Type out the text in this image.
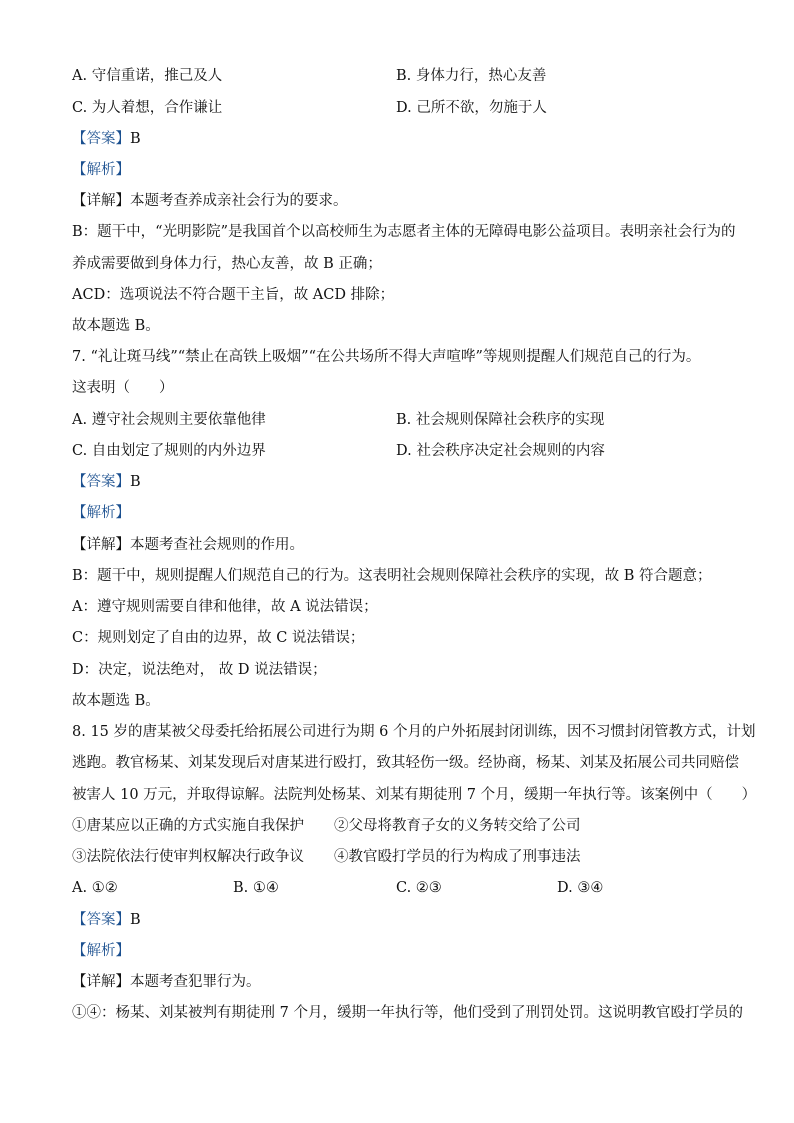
A. 守信重诺，推己及人	B. 身体力行，热心友善
C. 为人着想，合作谦让	D. 己所不欲，勿施于人
【答案】B
【解析】
【详解】本题考查养成亲社会行为的要求。
B：题干中，“光明影院”是我国首个以高校师生为志愿者主体的无障碍电影公益项目。表明亲社会行为的
养成需要做到身体力行，热心友善，故 B 正确；
ACD：选项说法不符合题干主旨，故 ACD 排除；
故本题选 B。
7. “礼让斑马线”“禁止在高铁上吸烟”“在公共场所不得大声喧哗”等规则提醒人们规范自己的行为。
这表明（　　）
A. 遵守社会规则主要依靠他律	B. 社会规则保障社会秩序的实现
C. 自由划定了规则的内外边界	D. 社会秩序决定社会规则的内容
【答案】B
【解析】
【详解】本题考查社会规则的作用。
B：题干中，规则提醒人们规范自己的行为。这表明社会规则保障社会秩序的实现，故 B 符合题意；
A：遵守规则需要自律和他律，故 A 说法错误；
C：规则划定了自由的边界，故 C 说法错误；
D：决定，说法绝对， 故 D 说法错误；
故本题选 B。
8. 15 岁的唐某被父母委托给拓展公司进行为期 6 个月的户外拓展封闭训练，因不习惯封闭管教方式，计划
逃跑。教官杨某、刘某发现后对唐某进行殴打，致其轻伤一级。经协商，杨某、刘某及拓展公司共同赔偿
被害人 10 万元，并取得谅解。法院判处杨某、刘某有期徒刑 7 个月，缓期一年执行等。该案例中（　　）
①唐某应以正确的方式实施自我保护 ②父母将教育子女的义务转交给了公司
③法院依法行使审判权解决行政争议 ④教官殴打学员的行为构成了刑事违法
A. ①②	B. ①④	C. ②③	D. ③④
【答案】B
【解析】
【详解】本题考查犯罪行为。
①④：杨某、刘某被判有期徒刑 7 个月，缓期一年执行等，他们受到了刑罚处罚。这说明教官殴打学员的
